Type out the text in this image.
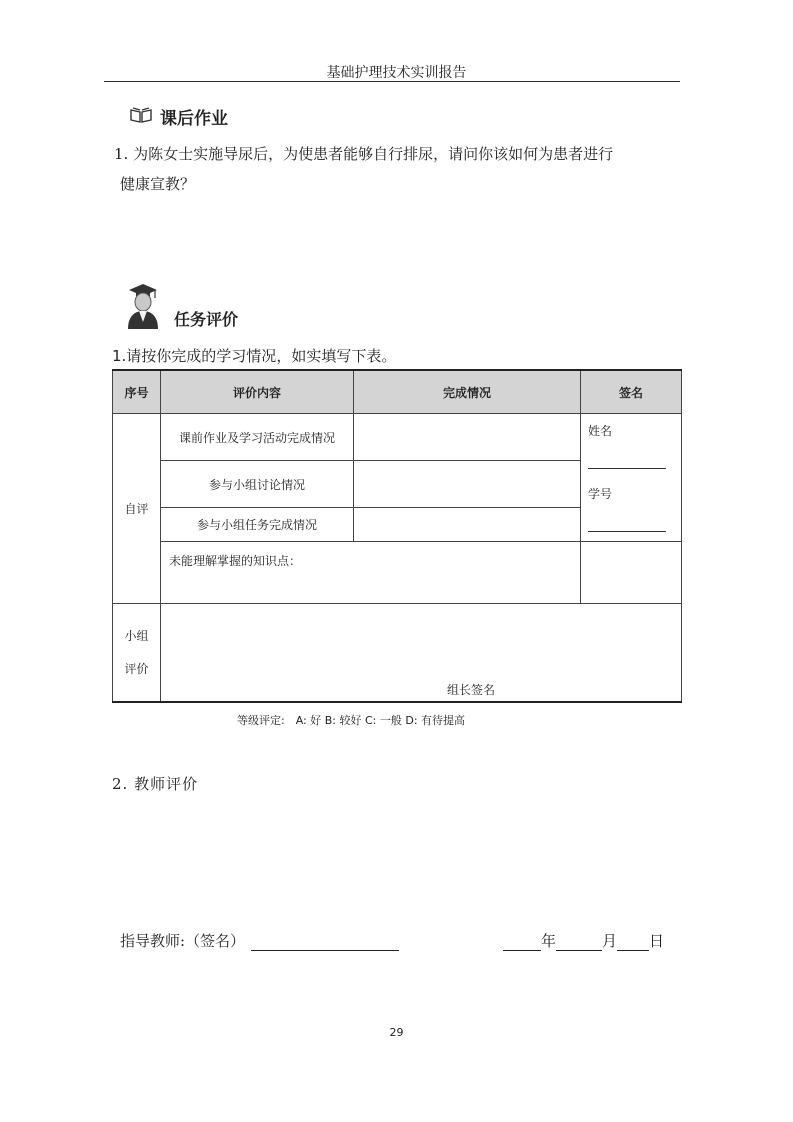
基础护理技术实训报告
课后作业
1. 为陈女士实施导尿后，为使患者能够自行排尿，请问你该如何为患者进行
健康宣教？
任务评价
1.请按你完成的学习情况，如实填写下表。
序号	评价内容	完成情况	签名
自评	课前作业及学习活动完成情况		姓名
学号

	参与小组讨论情况		
	参与小组任务完成情况		
	未能理解掌握的知识点：		

小组
评价	组长签名		
等级评定:　A: 好 B: 较好 C: 一般 D: 有待提高
2. 教师评价
指导教师:（签名）	年	月 日
29
